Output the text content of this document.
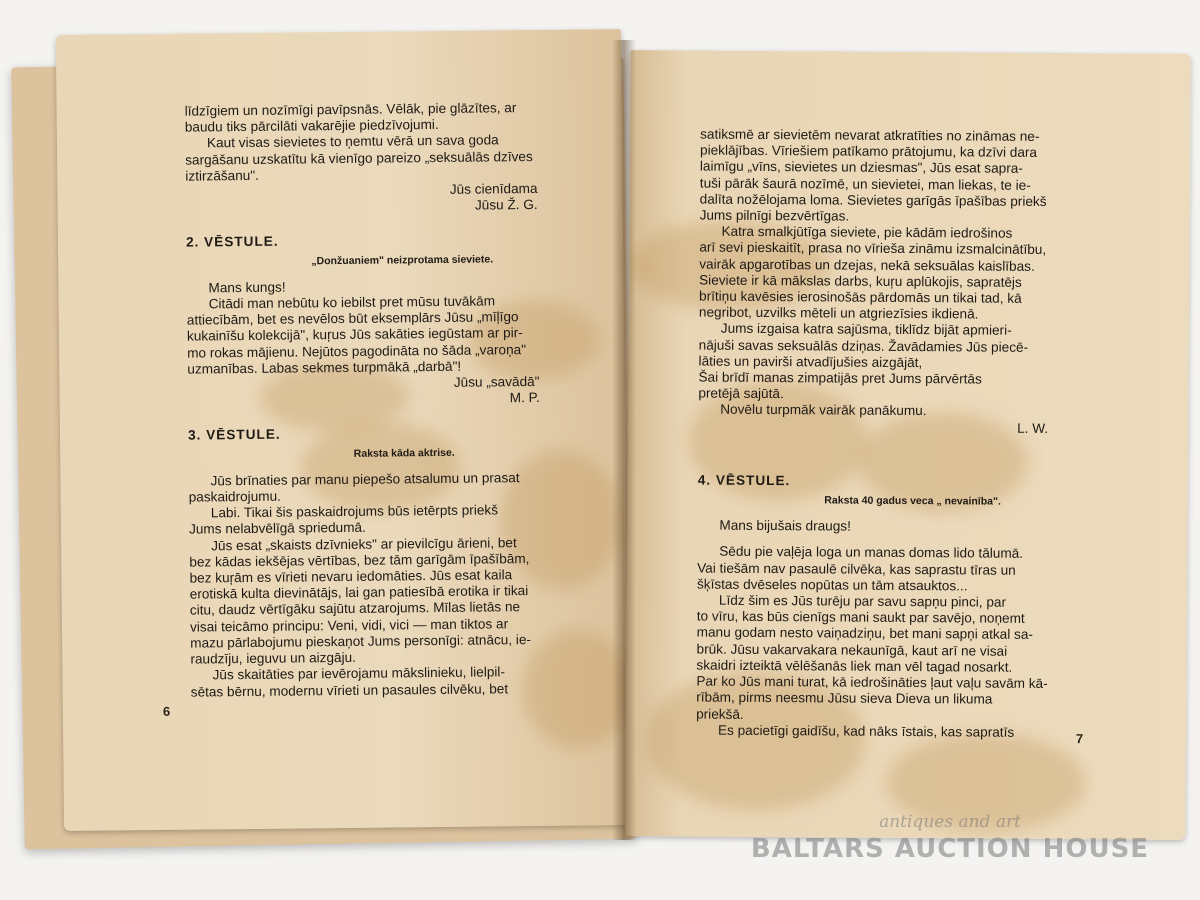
līdzīgiem un nozīmīgi pavīpsnās. Vēlāk, pie glāzītes, ar

baudu tiks pārcilāti vakarējie piedzīvojumi.

Kaut visas sievietes to ņemtu vērā un sava goda

sargāšanu uzskatītu kā vienīgo pareizo „seksuālās dzīves

iztirzāšanu".

Jūs cienīdama

Jūsu Ž. G.

2. VĒSTULE.

„Donžuaniem" neizprotama sieviete.

Mans kungs!

Citādi man nebūtu ko iebilst pret mūsu tuvākām

attiecībām, bet es nevēlos būt eksemplārs Jūsu „mīļīgo

kukainīšu kolekcijā", kuŗus Jūs sakāties iegūstam ar pir-

mo rokas mājienu. Nejūtos pagodināta no šāda „varoņa"

uzmanības. Labas sekmes turpmākā „darbā"!

Jūsu „savādā"

M. P.

3. VĒSTULE.

Raksta kāda aktrise.

Jūs brīnaties par manu piepešo atsalumu un prasat

paskaidrojumu.

Labi. Tikai šis paskaidrojums būs ietērpts priekš

Jums nelabvēlīgā spriedumā.

Jūs esat „skaists dzīvnieks" ar pievilcīgu ārieni, bet

bez kādas iekšējas vērtības, bez tām garīgām īpašībām,

bez kuŗām es vīrieti nevaru iedomāties. Jūs esat kaila

erotiskā kulta dievinātājs, lai gan patiesībā erotika ir tikai

citu, daudz vērtīgāku sajūtu atzarojums. Mīlas lietās ne

visai teicāmo principu: Veni, vidi, vici — man tiktos ar

mazu pārlabojumu pieskaņot Jums personīgi: atnācu, ie-

raudzīju, ieguvu un aizgāju.

Jūs skaitāties par ievērojamu mākslinieku, lielpil-

sētas bērnu, modernu vīrieti un pasaules cilvēku, bet

6

satiksmē ar sievietēm nevarat atkratīties no zināmas ne-

pieklājības. Vīriešiem patīkamo prātojumu, ka dzīvi dara

laimīgu „vīns, sievietes un dziesmas", Jūs esat sapra-

tuši pārāk šaurā nozīmē, un sievietei, man liekas, te ie-

dalīta nožēlojama loma. Sievietes garīgās īpašības priekš

Jums pilnīgi bezvērtīgas.

Katra smalkjūtīga sieviete, pie kādām iedrošinos

arī sevi pieskaitīt, prasa no vīrieša zināmu izsmalcinātību,

vairāk apgarotības un dzejas, nekā seksuālas kaislības.

Sieviete ir kā mākslas darbs, kuŗu aplūkojis, sapratējs

brītiņu kavēsies ierosinošās pārdomās un tikai tad, kā

negribot, uzvilks mēteli un atgriezīsies ikdienā.

Jums izgaisa katra sajūsma, tiklīdz bijāt apmieri-

nājuši savas seksuālās dziņas. Žavādamies Jūs piecē-

lāties un pavirši atvadījušies aizgājāt,

Šai brīdī manas zimpatijās pret Jums pārvērtās

pretējā sajūtā.

Novēlu turpmāk vairāk panākumu.

L. W.

4. VĒSTULE.

Raksta 40 gadus veca „ nevainība".

Mans bijušais draugs!

Sēdu pie vaļēja loga un manas domas lido tālumā.

Vai tiešām nav pasaulē cilvēka, kas saprastu tīras un

šķīstas dvēseles nopūtas un tām atsauktos...

Līdz šim es Jūs turēju par savu sapņu pinci, par

to vīru, kas būs cienīgs mani saukt par savējo, noņemt

manu godam nesto vaiņadziņu, bet mani sapņi atkal sa-

brūk. Jūsu vakarvakara nekaunīgā, kaut arī ne visai

skaidri izteiktā vēlēšanās liek man vēl tagad nosarkt.

Par ko Jūs mani turat, kā iedrošināties ļaut vaļu savām kā-

rībām, pirms neesmu Jūsu sieva Dieva un likuma

priekšā.

Es pacietīgi gaidīšu, kad nāks īstais, kas sapratīs	7
antiques and art
BALTARS AUCTION HOUSE
